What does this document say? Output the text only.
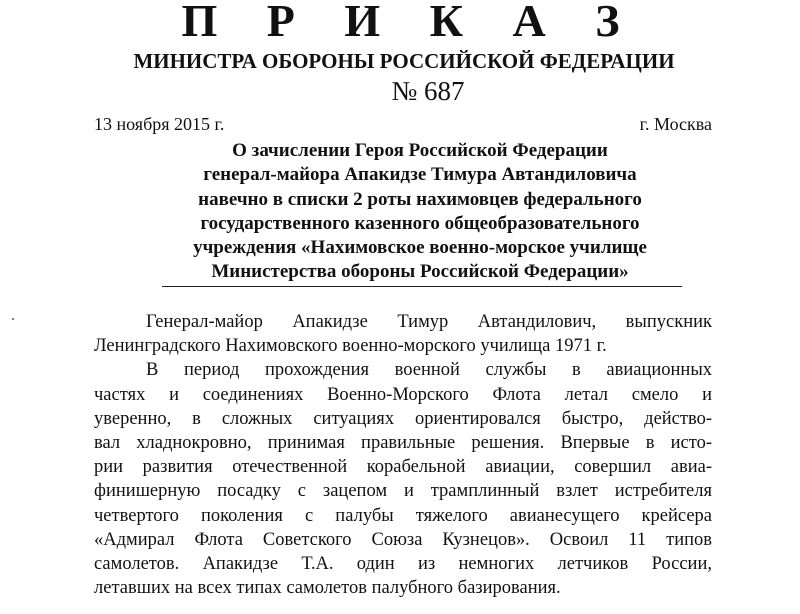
П Р И К А З
МИНИСТРА ОБОРОНЫ РОССИЙСКОЙ ФЕДЕРАЦИИ
№ 687
13 ноября 2015 г.	г. Москва
О зачислении Героя Российской Федерации
генерал-майора Апакидзе Тимура Автандиловича
навечно в списки 2 роты нахимовцев федерального
государственного казенного общеобразовательного
учреждения «Нахимовское военно-морское училище
Министерства обороны Российской Федерации»
Генерал-майор Апакидзе Тимур Автандилович, выпускник
Ленинградского Нахимовского военно-морского училища 1971 г.
В период прохождения военной службы в авиационных
частях и соединениях Военно-Морского Флота летал смело и
уверенно, в сложных ситуациях ориентировался быстро, действо-
вал хладнокровно, принимая правильные решения. Впервые в исто-
рии развития отечественной корабельной авиации, совершил авиа-
финишерную посадку с зацепом и трамплинный взлет истребителя
четвертого поколения с палубы тяжелого авианесущего крейсера
«Адмирал Флота Советского Союза Кузнецов». Освоил 11 типов
самолетов. Апакидзе Т.А. один из немногих летчиков России,
летавших на всех типах самолетов палубного базирования.
